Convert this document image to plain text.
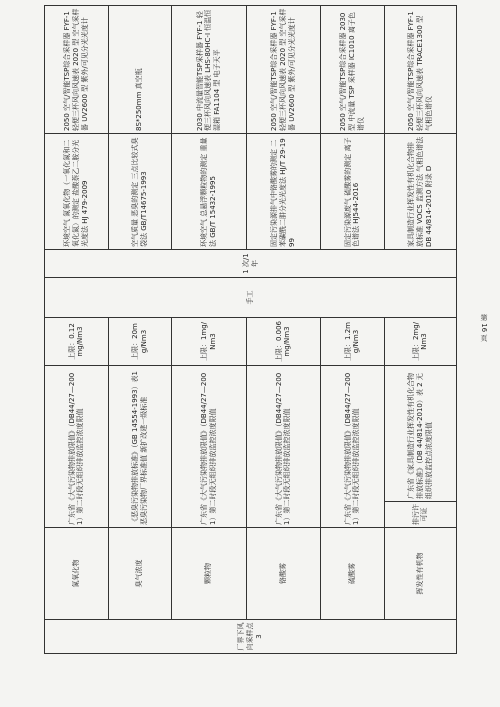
厂界下风向采样点3	氮氧化物	广东省《大气污染物排放限值》（DB44/27—2001）第二时段无组织排放监控浓度限值		上限：0.12mg/Nm3	手工	1 次/1 年	环境空气 氮氧化物（一氧化氮和二氧化氮）的测定 盐酸萘乙二胺分光光度法 HJ 479-2009	2050 空气/智能TSP综合采样器 FYF-1 轻便三杯风向风速表 2020 型 空气采样器 UV2600 型 紫外/可见分光光度计
	臭气浓度	《恶臭污染物排放标准》（GB 14554-1993）表1 恶臭污染物厂界标准值 新扩改建一级标准		上限：20mg/Nm3			空气质量 恶臭的测定 三点比较式臭袋法 GB/T14675-1993	8S*250mm 真空瓶
	颗粒物	广东省《大气污染物排放限值》（DB44/27—2001）第二时段无组织排放监控浓度限值		上限：1mg/Nm3			环境空气 总悬浮颗粒物的测定 重量法 GB/T 15432-1995	2030 中流量智能TSP采样器 FYF-1 轻便三杯风向风速表 LHS-80HC-I 恒温恒湿箱 FA1104 型 电子天平
	铬酸雾	广东省《大气污染物排放限值》（DB44/27—2001）第二时段无组织排放监控浓度限值		上限：0.006mg/Nm3			固定污染源排气中铬酸雾的测定 二苯碳酰二肼分光光度法 HJ/T 29-1999	2050 空气/智能TSP综合采样器 FYF-1 轻便三杯风向风速表 2020 型 空气采样器 UV2600 型 紫外/可见分光光度计
	硫酸雾	广东省《大气污染物排放限值》（DB44/27—2001）第二时段无组织排放监控浓度限值		上限：1.2mg/Nm3			固定污染源废气 硫酸雾的测定 离子色谱法 HJ544-2016	2050 空气/智能TSP综合采样器 2030 型 中流量 TSP 采样器 IC1010 离子色谱仪
	挥发性有机物	排污许可证	广东省《家具制造行业挥发性有机化合物排放标准》（DB 44/814-2010）表 2 无组织排放监控点浓度限值	上限：2mg/Nm3			家具制造行业挥发性有机化合物排放标准 VOCS 监测方法 气相色谱法 DB 44/814-2010 附录 D	2050 空气/智能TSP综合采样器 FYF-1 轻便三杯风向风速表 TRACE1300 型 气相色谱仪
第 16 页
